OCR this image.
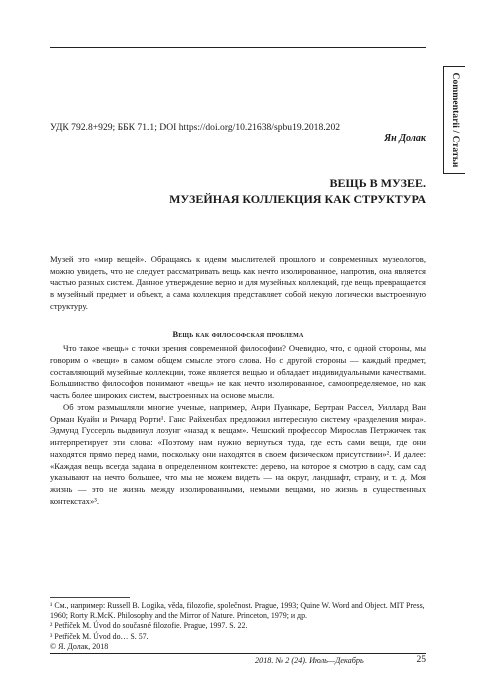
Commentarii / Статьи
УДК 792.8+929; ББК 71.1; DOI https://doi.org/10.21638/spbu19.2018.202
Ян Долак
ВЕЩЬ В МУЗЕЕ.
МУЗЕЙНАЯ КОЛЛЕКЦИЯ КАК СТРУКТУРА
Музей это «мир вещей». Обращаясь к идеям мыслителей прошлого и современных музеологов, можно увидеть, что не следует рассматривать вещь как нечто изолированное, напротив, она является частью разных систем. Данное утверждение верно и для музейных коллекций, где вещь превращается в музейный предмет и объект, а сама коллекция представляет собой некую логически выстроенную структуру.
Вещь как философская проблема

Что такое «вещь» с точки зрения современной философии? Очевидно, что, с одной стороны, мы говорим о «вещи» в самом общем смысле этого слова. Но с другой стороны — каждый предмет, составляющий музейные коллекции, тоже является вещью и обладает индивидуальными качествами. Большинство философов понимают «вещь» не как нечто изолированное, самоопределяемое, но как часть более широких систем, выстроенных на основе мысли.

Об этом размышляли многие ученые, например, Анри Пуанкаре, Бертран Рассел, Уиллард Ван Орман Куайн и Ричард Рорти¹. Ганс Райхенбах предложил интересную систему «разделения мира». Эдмунд Гуссерль выдвинул лозунг «назад к вещам». Чешский профессор Мирослав Петржичек так интерпретирует эти слова: «Поэтому нам нужно вернуться туда, где есть сами вещи, где они находятся прямо перед нами, поскольку они находятся в своем физическом присутствии»². И далее: «Каждая вещь всегда задана в определенном контексте: дерево, на которое я смотрю в саду, сам сад указывают на нечто большее, что мы не можем видеть — на округ, ландшафт, страну, и т. д. Моя жизнь — это не жизнь между изолированными, немыми вещами, но жизнь в существенных контекстах»³.

¹ См., например: Russell B. Logika, věda, filozofie, společnost. Prague, 1993; Quine W. Word and Object. MIT Press, 1960; Rorty R.McK. Philosophy and the Mirror of Nature. Princeton, 1979; и др.

² Petříček M. Úvod do současné filozofie. Prague, 1997. S. 22.

³ Petříček M. Úvod do… S. 57.

© Я. Долак, 2018
2018. № 2 (24). Июль—Декабрь	25
